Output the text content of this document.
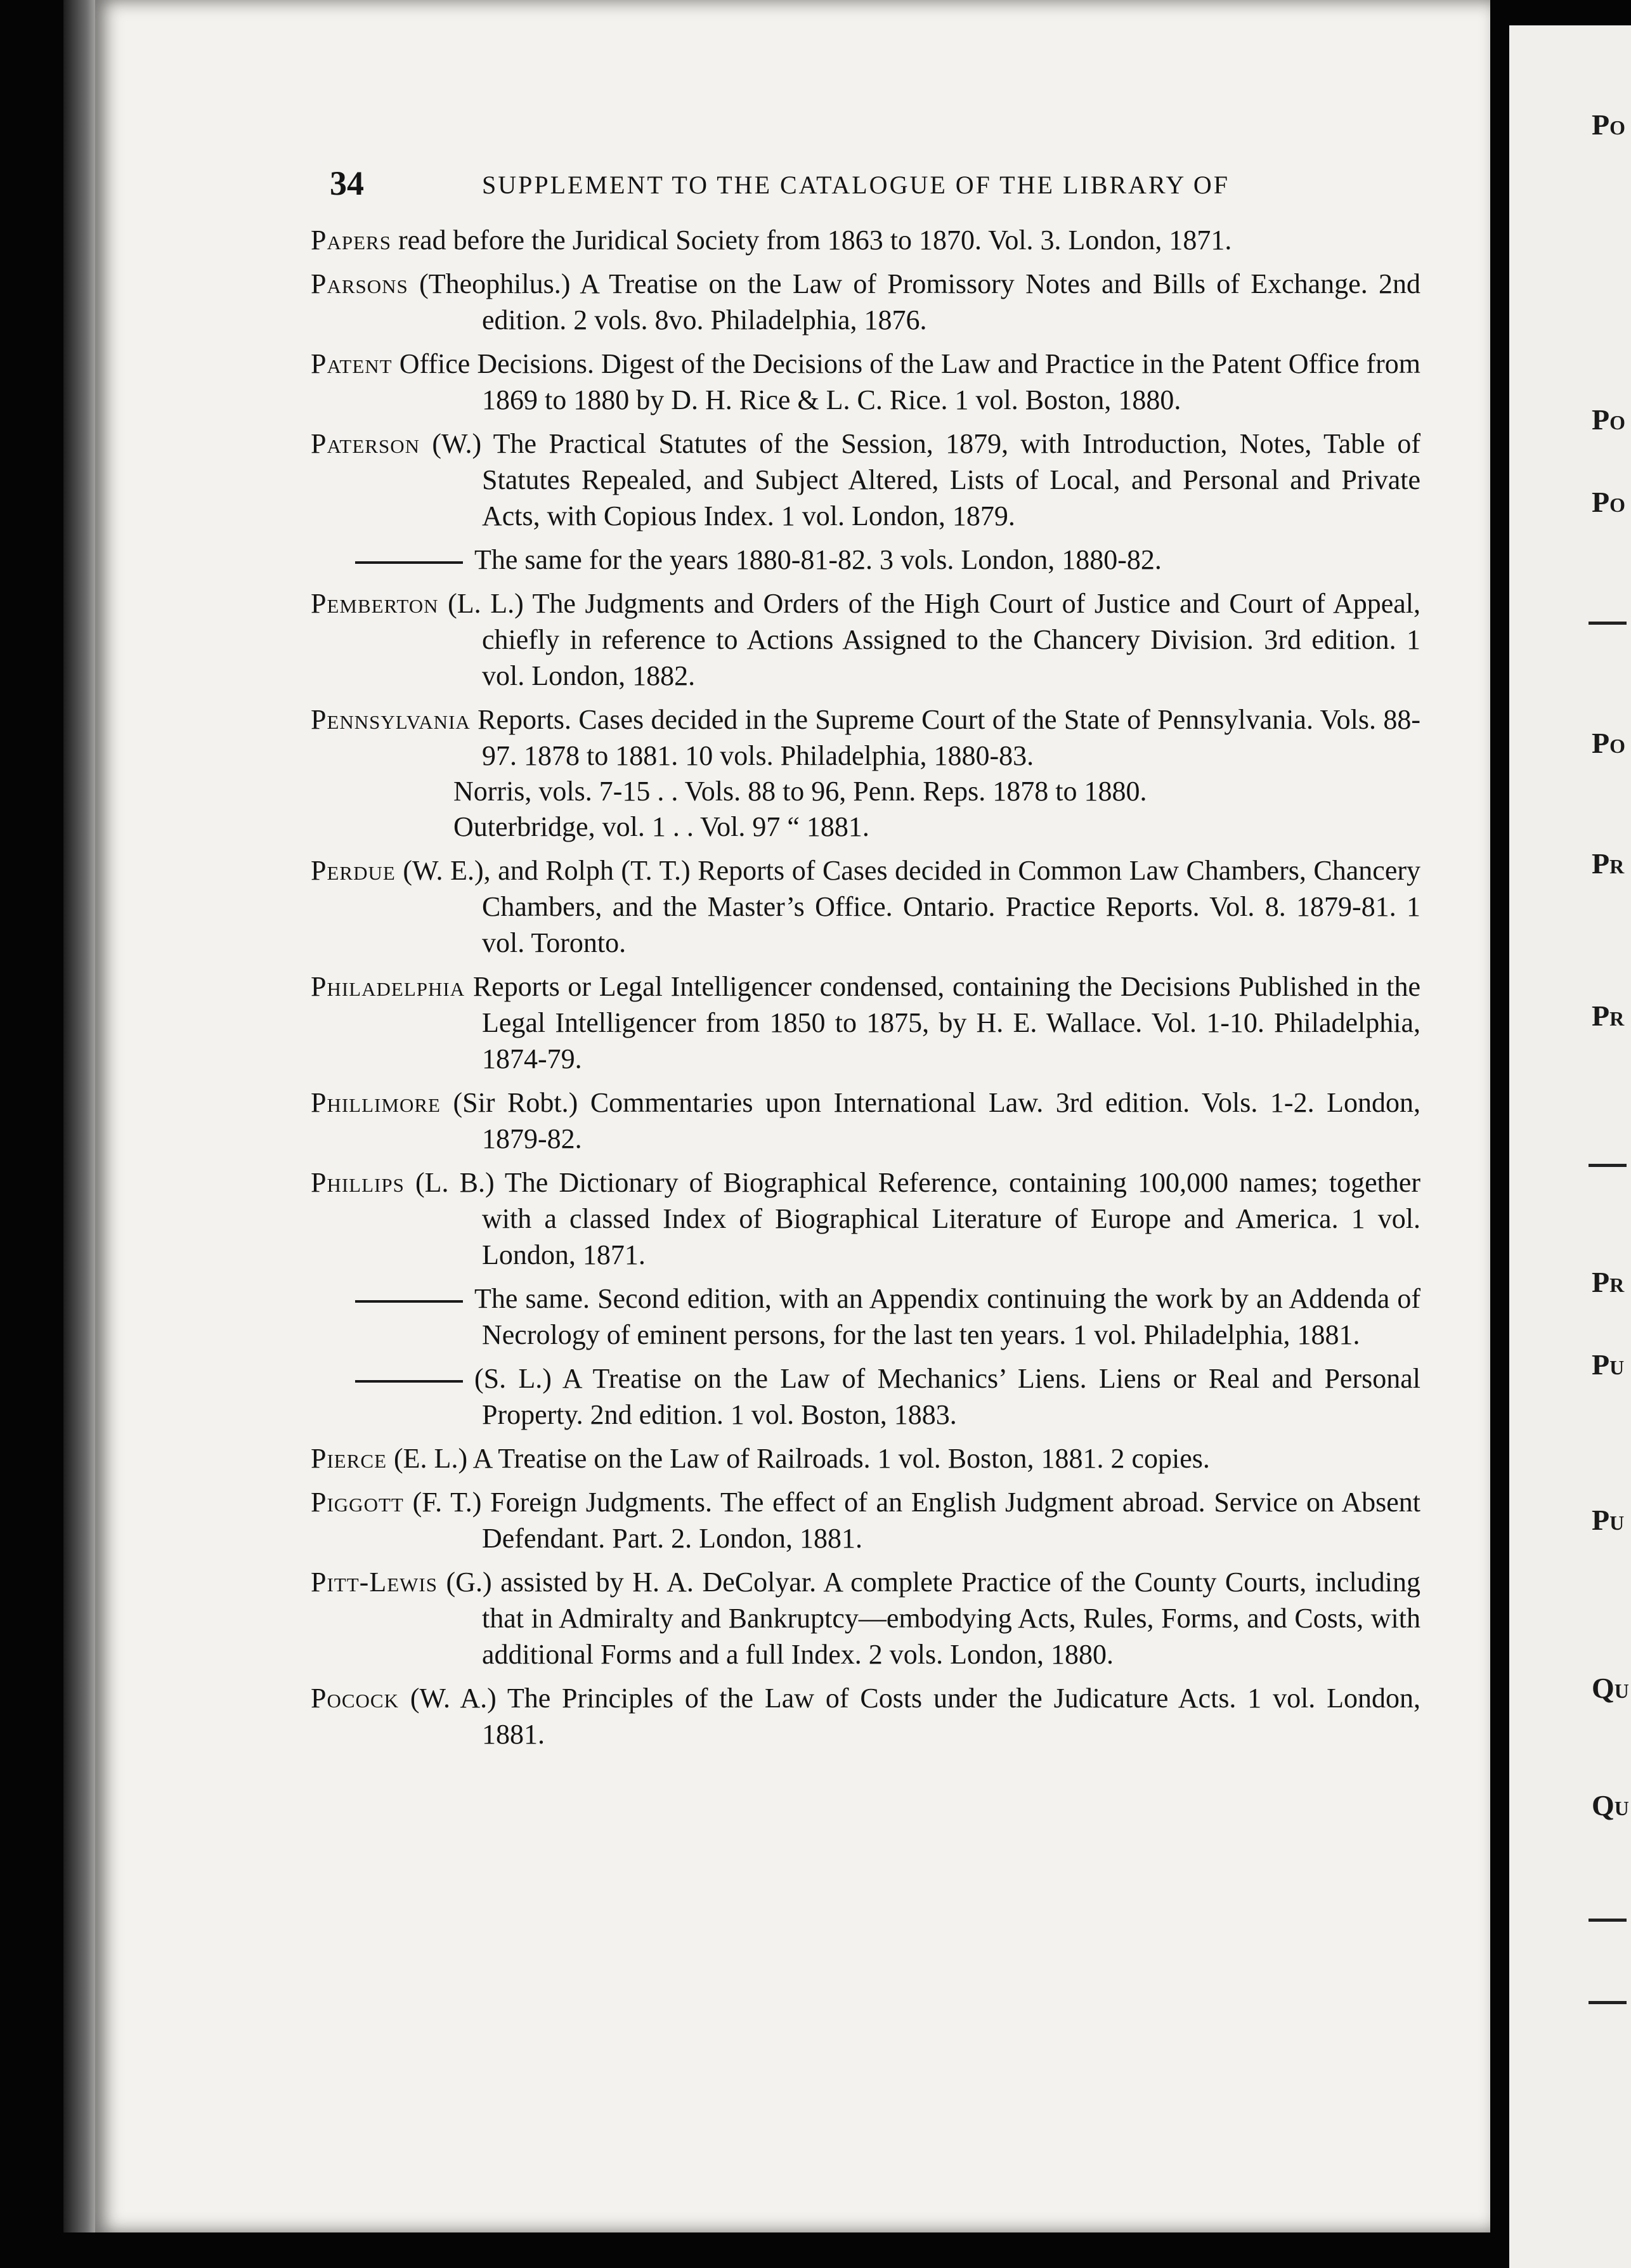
Po
Po
Po
Po
Pr
Pr
Pr
Pu
Pu
Qu
Qu
34	SUPPLEMENT TO THE CATALOGUE OF THE LIBRARY OF
Papers read before the Juridical Society from 1863 to 1870. Vol. 3. London, 1871.
Parsons (Theophilus.) A Treatise on the Law of Promissory Notes and Bills of Exchange. 2nd edition. 2 vols. 8vo. Philadelphia, 1876.
Patent Office Decisions. Digest of the Decisions of the Law and Practice in the Patent Office from 1869 to 1880 by D. H. Rice & L. C. Rice. 1 vol. Boston, 1880.
Paterson (W.) The Practical Statutes of the Session, 1879, with Introduction, Notes, Table of Statutes Repealed, and Subject Altered, Lists of Local, and Personal and Private Acts, with Copious Index. 1 vol. London, 1879.
The same for the years 1880-81-82. 3 vols. London, 1880-82.
Pemberton (L. L.) The Judgments and Orders of the High Court of Justice and Court of Appeal, chiefly in reference to Actions Assigned to the Chancery Division. 3rd edition. 1 vol. London, 1882.
Pennsylvania Reports. Cases decided in the Supreme Court of the State of Pennsylvania. Vols. 88-97. 1878 to 1881. 10 vols. Philadelphia, 1880-83.
Norris, vols. 7-15 . . Vols. 88 to 96, Penn. Reps. 1878 to 1880.
Outerbridge, vol. 1 . . Vol. 97 “ 1881.
Perdue (W. E.), and Rolph (T. T.) Reports of Cases decided in Common Law Chambers, Chancery Chambers, and the Master’s Office. Ontario. Practice Reports. Vol. 8. 1879-81. 1 vol. Toronto.
Philadelphia Reports or Legal Intelligencer condensed, containing the Decisions Published in the Legal Intelligencer from 1850 to 1875, by H. E. Wallace. Vol. 1-10. Philadelphia, 1874-79.
Phillimore (Sir Robt.) Commentaries upon International Law. 3rd edition. Vols. 1-2. London, 1879-82.
Phillips (L. B.) The Dictionary of Biographical Reference, containing 100,000 names; together with a classed Index of Biographical Literature of Europe and America. 1 vol. London, 1871.
The same. Second edition, with an Appendix continuing the work by an Addenda of Necrology of eminent persons, for the last ten years. 1 vol. Philadelphia, 1881.
(S. L.) A Treatise on the Law of Mechanics’ Liens. Liens or Real and Personal Property. 2nd edition. 1 vol. Boston, 1883.
Pierce (E. L.) A Treatise on the Law of Railroads. 1 vol. Boston, 1881. 2 copies.
Piggott (F. T.) Foreign Judgments. The effect of an English Judgment abroad. Service on Absent Defendant. Part. 2. London, 1881.
Pitt-Lewis (G.) assisted by H. A. DeColyar. A complete Practice of the County Courts, including that in Admiralty and Bankruptcy—embodying Acts, Rules, Forms, and Costs, with additional Forms and a full Index. 2 vols. London, 1880.
Pocock (W. A.) The Principles of the Law of Costs under the Judicature Acts. 1 vol. London, 1881.
